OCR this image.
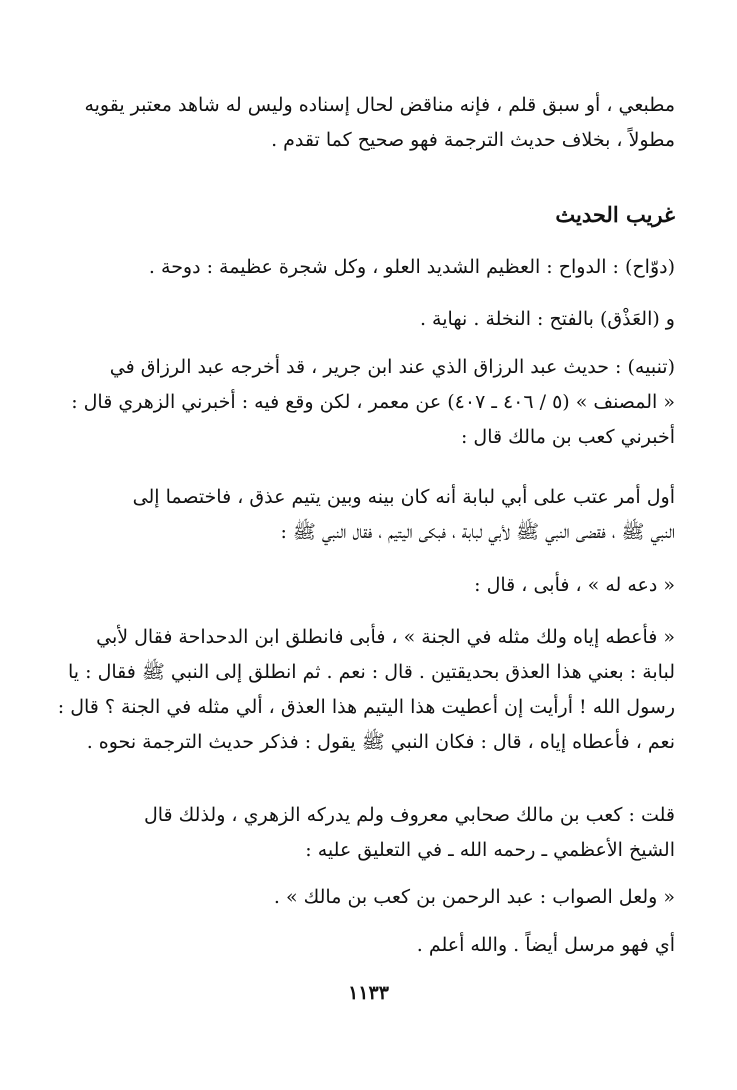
مطبعي ، أو سبق قلم ، فإنه مناقض لحال إسناده وليس له شاهد معتبر يقويه
مطولاً ، بخلاف حديث الترجمة فهو صحيح كما تقدم .

غريب الحديث

(دوّاح) : الدواح : العظيم الشديد العلو ، وكل شجرة عظيمة : دوحة .

و (العَذْق) بالفتح : النخلة . نهاية .

(تنبيه) : حديث عبد الرزاق الذي عند ابن جرير ، قد أخرجه عبد الرزاق في
« المصنف » (٥ / ٤٠٦ ـ ٤٠٧) عن معمر ، لكن وقع فيه : أخبرني الزهري قال :
أخبرني كعب بن مالك قال :

أول أمر عتب على أبي لبابة أنه كان بينه وبين يتيم عذق ، فاختصما إلى
النبي ﷺ ، فقضى النبي ﷺ لأبي لبابة ، فبكى اليتيم ، فقال النبي ﷺ :

« دعه له » ، فأبى ، قال :

« فأعطه إياه ولك مثله في الجنة » ، فأبى فانطلق ابن الدحداحة فقال لأبي
لبابة : بعني هذا العذق بحديقتين . قال : نعم . ثم انطلق إلى النبي ﷺ فقال : يا
رسول الله ! أرأيت إن أعطيت هذا اليتيم هذا العذق ، ألي مثله في الجنة ؟ قال :
نعم ، فأعطاه إياه ، قال : فكان النبي ﷺ يقول : فذكر حديث الترجمة نحوه .

قلت : كعب بن مالك صحابي معروف ولم يدركه الزهري ، ولذلك قال
الشيخ الأعظمي ـ رحمه الله ـ في التعليق عليه :

« ولعل الصواب : عبد الرحمن بن كعب بن مالك » .

أي فهو مرسل أيضاً . والله أعلم .

١١٣٣
